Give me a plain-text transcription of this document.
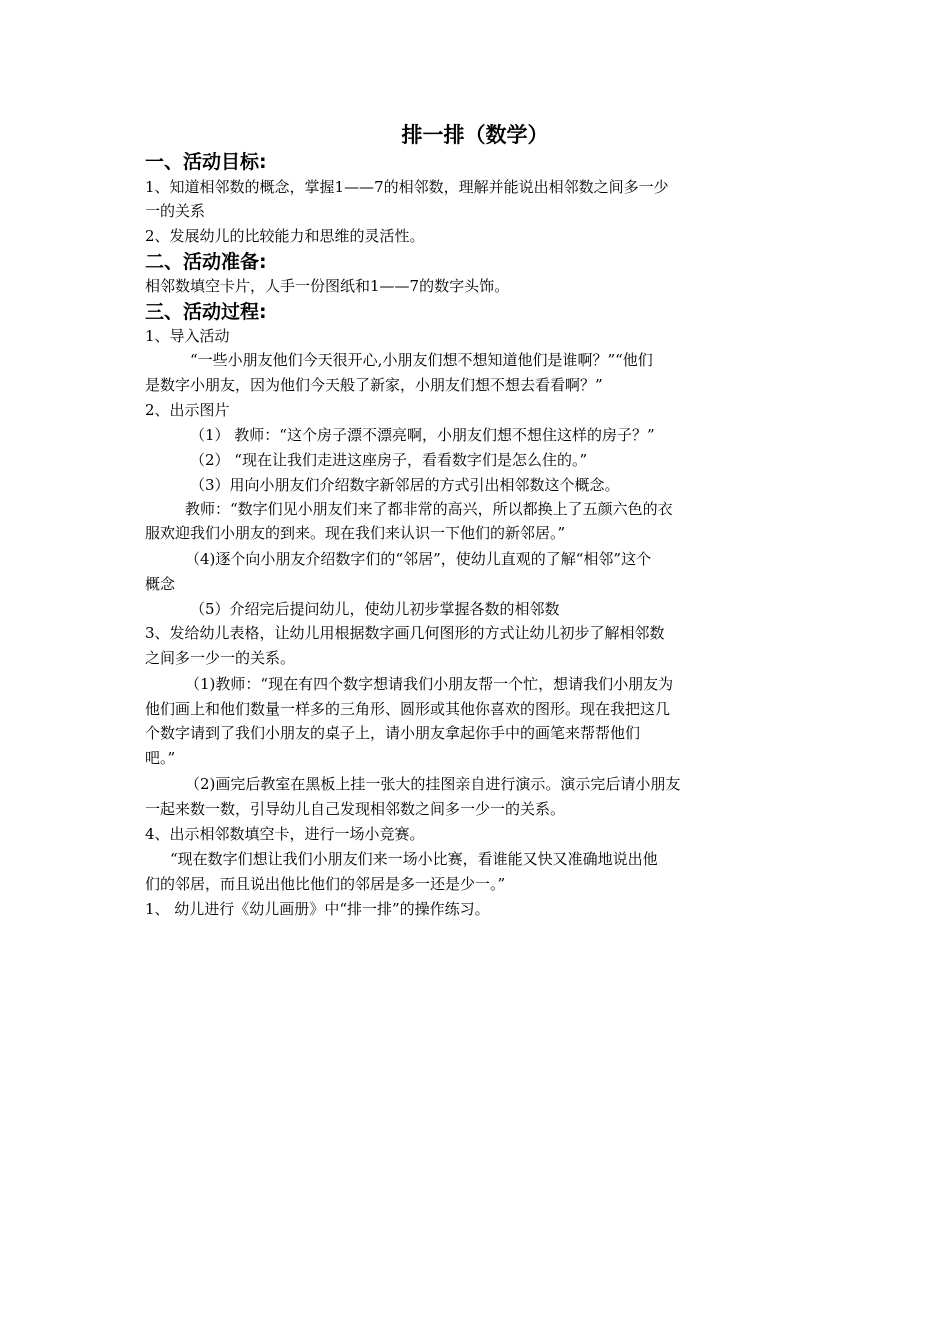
排一排（数学）
一、活动目标:
1、知道相邻数的概念，掌握1——7的相邻数，理解并能说出相邻数之间多一少
一的关系
2、发展幼儿的比较能力和思维的灵活性。
二、活动准备:
相邻数填空卡片，人手一份图纸和1——7的数字头饰。
三、活动过程:
1、导入活动
“一些小朋友他们今天很开心,小朋友们想不想知道他们是谁啊？”“他们
是数字小朋友，因为他们今天般了新家，小朋友们想不想去看看啊？”
2、出示图片
（1） 教师：“这个房子漂不漂亮啊，小朋友们想不想住这样的房子？”
（2） “现在让我们走进这座房子，看看数字们是怎么住的。”
（3）用向小朋友们介绍数字新邻居的方式引出相邻数这个概念。
教师：“数字们见小朋友们来了都非常的高兴，所以都换上了五颜六色的衣
服欢迎我们小朋友的到来。现在我们来认识一下他们的新邻居。”
（4)逐个向小朋友介绍数字们的“邻居”，使幼儿直观的了解“相邻”这个
概念
（5）介绍完后提问幼儿，使幼儿初步掌握各数的相邻数
3、发给幼儿表格，让幼儿用根据数字画几何图形的方式让幼儿初步了解相邻数
之间多一少一的关系。
（1)教师：“现在有四个数字想请我们小朋友帮一个忙，想请我们小朋友为
他们画上和他们数量一样多的三角形、圆形或其他你喜欢的图形。现在我把这几
个数字请到了我们小朋友的桌子上，请小朋友拿起你手中的画笔来帮帮他们
吧。”
（2)画完后教室在黑板上挂一张大的挂图亲自进行演示。演示完后请小朋友
一起来数一数，引导幼儿自己发现相邻数之间多一少一的关系。
4、出示相邻数填空卡，进行一场小竞赛。
“现在数字们想让我们小朋友们来一场小比赛，看谁能又快又准确地说出他
们的邻居，而且说出他比他们的邻居是多一还是少一。”
1、 幼儿进行《幼儿画册》中“排一排”的操作练习。
